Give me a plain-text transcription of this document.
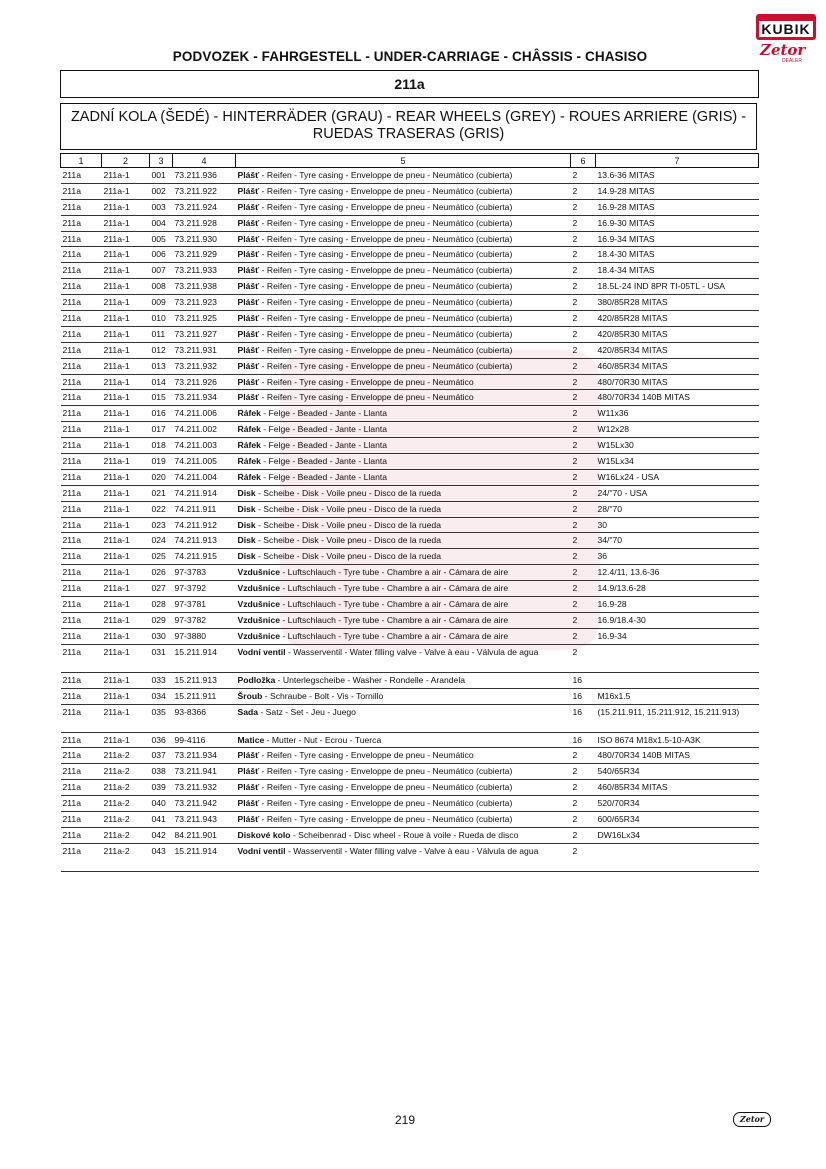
PODVOZEK - FAHRGESTELL - UNDER-CARRIAGE - CHÂSSIS - CHASISO
KUBIK
Zetor
DEALER
211a
ZADNÍ KOLA (ŠEDÉ) - HINTERRÄDER (GRAU) - REAR WHEELS (GREY) - ROUES ARRIERE (GRIS) -
RUEDAS TRASERAS (GRIS)
1	2	3	4	5	6	7
211a	211a-1	001	73.211.936	Plášť - Reifen - Tyre casing - Enveloppe de pneu - Neumático (cubierta)	2	13.6-36 MITAS
211a	211a-1	002	73.211.922	Plášť - Reifen - Tyre casing - Enveloppe de pneu - Neumático (cubierta)	2	14.9-28 MITAS
211a	211a-1	003	73.211.924	Plášť - Reifen - Tyre casing - Enveloppe de pneu - Neumático (cubierta)	2	16.9-28 MITAS
211a	211a-1	004	73.211.928	Plášť - Reifen - Tyre casing - Enveloppe de pneu - Neumático (cubierta)	2	16.9-30 MITAS
211a	211a-1	005	73.211.930	Plášť - Reifen - Tyre casing - Enveloppe de pneu - Neumático (cubierta)	2	16.9-34 MITAS
211a	211a-1	006	73.211.929	Plášť - Reifen - Tyre casing - Enveloppe de pneu - Neumático (cubierta)	2	18.4-30 MITAS
211a	211a-1	007	73.211.933	Plášť - Reifen - Tyre casing - Enveloppe de pneu - Neumático (cubierta)	2	18.4-34 MITAS
211a	211a-1	008	73.211.938	Plášť - Reifen - Tyre casing - Enveloppe de pneu - Neumático (cubierta)	2	18.5L-24 IND 8PR TI-05TL - USA
211a	211a-1	009	73.211.923	Plášť - Reifen - Tyre casing - Enveloppe de pneu - Neumático (cubierta)	2	380/85R28 MITAS
211a	211a-1	010	73.211.925	Plášť - Reifen - Tyre casing - Enveloppe de pneu - Neumático (cubierta)	2	420/85R28 MITAS
211a	211a-1	011	73.211.927	Plášť - Reifen - Tyre casing - Enveloppe de pneu - Neumático (cubierta)	2	420/85R30 MITAS
211a	211a-1	012	73.211.931	Plášť - Reifen - Tyre casing - Enveloppe de pneu - Neumático (cubierta)	2	420/85R34 MITAS
211a	211a-1	013	73.211.932	Plášť - Reifen - Tyre casing - Enveloppe de pneu - Neumático (cubierta)	2	460/85R34 MITAS
211a	211a-1	014	73.211.926	Plášť - Reifen - Tyre casing - Enveloppe de pneu - Neumático	2	480/70R30 MITAS
211a	211a-1	015	73.211.934	Plášť - Reifen - Tyre casing - Enveloppe de pneu - Neumático	2	480/70R34 140B MITAS
211a	211a-1	016	74.211.006	Ráfek - Felge - Beaded - Jante - Llanta	2	W11x36
211a	211a-1	017	74.211.002	Ráfek - Felge - Beaded - Jante - Llanta	2	W12x28
211a	211a-1	018	74.211.003	Ráfek - Felge - Beaded - Jante - Llanta	2	W15Lx30
211a	211a-1	019	74.211.005	Ráfek - Felge - Beaded - Jante - Llanta	2	W15Lx34
211a	211a-1	020	74.211.004	Ráfek - Felge - Beaded - Jante - Llanta	2	W16Lx24 - USA
211a	211a-1	021	74.211.914	Disk - Scheibe - Disk - Voile pneu - Disco de la rueda	2	24/"70 - USA
211a	211a-1	022	74.211.911	Disk - Scheibe - Disk - Voile pneu - Disco de la rueda	2	28/"70
211a	211a-1	023	74.211.912	Disk - Scheibe - Disk - Voile pneu - Disco de la rueda	2	30
211a	211a-1	024	74.211.913	Disk - Scheibe - Disk - Voile pneu - Disco de la rueda	2	34/"70
211a	211a-1	025	74.211.915	Disk - Scheibe - Disk - Voile pneu - Disco de la rueda	2	36
211a	211a-1	026	97-3783	Vzdušnice - Luftschlauch - Tyre tube - Chambre a air - Cámara de aire	2	12.4/11, 13.6-36
211a	211a-1	027	97-3792	Vzdušnice - Luftschlauch - Tyre tube - Chambre a air - Cámara de aire	2	14.9/13.6-28
211a	211a-1	028	97-3781	Vzdušnice - Luftschlauch - Tyre tube - Chambre a air - Cámara de aire	2	16.9-28
211a	211a-1	029	97-3782	Vzdušnice - Luftschlauch - Tyre tube - Chambre a air - Cámara de aire	2	16.9/18.4-30
211a	211a-1	030	97-3880	Vzdušnice - Luftschlauch - Tyre tube - Chambre a air - Cámara de aire	2	16.9-34
211a	211a-1	031	15.211.914	Vodní ventil - Wasserventil - Water filling valve - Valve à eau - Válvula de agua	2	
211a	211a-1	033	15.211.913	Podložka - Unterlegscheibe - Washer - Rondelle - Arandela	16	
211a	211a-1	034	15.211.911	Šroub - Schraube - Bolt - Vis - Tornillo	16	M16x1.5
211a	211a-1	035	93-8366	Sada - Satz - Set - Jeu - Juego	16	(15.211.911, 15.211.912, 15.211.913)
211a	211a-1	036	99-4116	Matice - Mutter - Nut - Ecrou - Tuerca	16	ISO 8674 M18x1.5-10-A3K
211a	211a-2	037	73.211.934	Plášť - Reifen - Tyre casing - Enveloppe de pneu - Neumático	2	480/70R34 140B MITAS
211a	211a-2	038	73.211.941	Plášť - Reifen - Tyre casing - Enveloppe de pneu - Neumático (cubierta)	2	540/65R34
211a	211a-2	039	73.211.932	Plášť - Reifen - Tyre casing - Enveloppe de pneu - Neumático (cubierta)	2	460/85R34 MITAS
211a	211a-2	040	73.211.942	Plášť - Reifen - Tyre casing - Enveloppe de pneu - Neumático (cubierta)	2	520/70R34
211a	211a-2	041	73.211.943	Plášť - Reifen - Tyre casing - Enveloppe de pneu - Neumático (cubierta)	2	600/65R34
211a	211a-2	042	84.211.901	Diskové kolo - Scheibenrad - Disc wheel - Roue à voile - Rueda de disco	2	DW16Lx34
211a	211a-2	043	15.211.914	Vodní ventil - Wasserventil - Water filling valve - Valve à eau - Válvula de agua	2	
219	Zetor
